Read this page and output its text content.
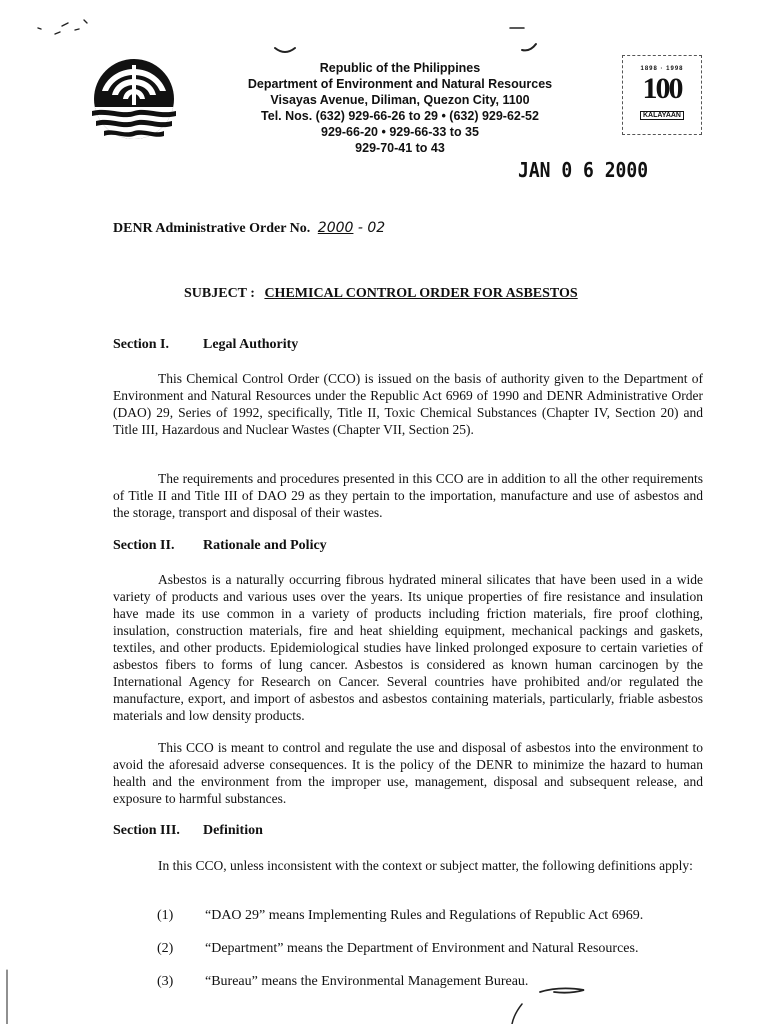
Republic of the Philippines
Department of Environment and Natural Resources
Visayas Avenue, Diliman, Quezon City, 1100
Tel. Nos. (632) 929-66-26 to 29 • (632) 929-62-52
929-66-20 • 929-66-33 to 35
929-70-41 to 43
1898 · 1998
100
KALAYAAN
JAN 0 6 2000
DENR Administrative Order No. 2000 - 02
SUBJECT : CHEMICAL CONTROL ORDER FOR ASBESTOS
Section I. Legal Authority

This Chemical Control Order (CCO) is issued on the basis of authority given to the Department of Environment and Natural Resources under the Republic Act 6969 of 1990 and DENR Administrative Order (DAO) 29, Series of 1992, specifically, Title II, Toxic Chemical Substances (Chapter IV, Section 20) and Title III, Hazardous and Nuclear Wastes (Chapter VII, Section 25).

The requirements and procedures presented in this CCO are in addition to all the other requirements of Title II and Title III of DAO 29 as they pertain to the importation, manufacture and use of asbestos and the storage, transport and disposal of their wastes.

Section II. Rationale and Policy

Asbestos is a naturally occurring fibrous hydrated mineral silicates that have been used in a wide variety of products and various uses over the years. Its unique properties of fire resistance and insulation have made its use common in a variety of products including friction materials, fire proof clothing, insulation, construction materials, fire and heat shielding equipment, mechanical packings and gaskets, textiles, and other products. Epidemiological studies have linked prolonged exposure to certain varieties of asbestos fibers to forms of lung cancer. Asbestos is considered as known human carcinogen by the International Agency for Research on Cancer. Several countries have prohibited and/or regulated the manufacture, export, and import of asbestos and asbestos containing materials, particularly, friable asbestos materials and low density products.

This CCO is meant to control and regulate the use and disposal of asbestos into the environment to avoid the aforesaid adverse consequences. It is the policy of the DENR to minimize the hazard to human health and the environment from the improper use, management, disposal and subsequent release, and exposure to harmful substances.

Section III. Definition

In this CCO, unless inconsistent with the context or subject matter, the following definitions apply:

(1) “DAO 29” means Implementing Rules and Regulations of Republic Act 6969.
(2) “Department” means the Department of Environment and Natural Resources.
(3) “Bureau” means the Environmental Management Bureau.
